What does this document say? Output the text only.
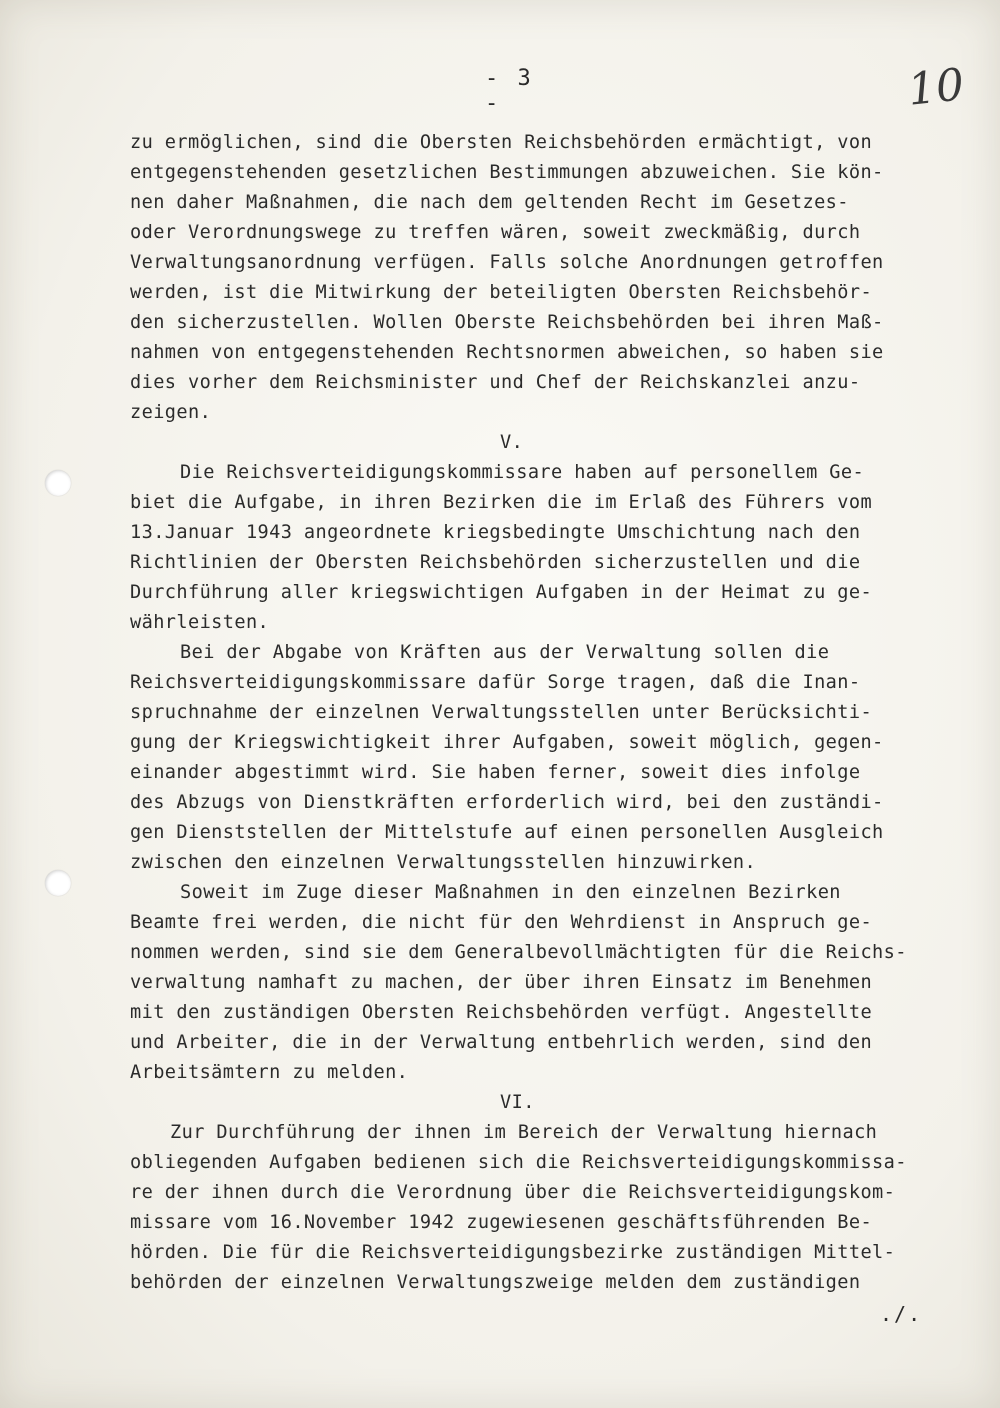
- 3 -	10
zu ermöglichen, sind die Obersten Reichsbehörden ermächtigt, von
entgegenstehenden gesetzlichen Bestimmungen abzuweichen. Sie kön-
nen daher Maßnahmen, die nach dem geltenden Recht im Gesetzes-
oder Verordnungswege zu treffen wären, soweit zweckmäßig, durch
Verwaltungsanordnung verfügen. Falls solche Anordnungen getroffen
werden, ist die Mitwirkung der beteiligten Obersten Reichsbehör-
den sicherzustellen. Wollen Oberste Reichsbehörden bei ihren Maß-
nahmen von entgegenstehenden Rechtsnormen abweichen, so haben sie
dies vorher dem Reichsminister und Chef der Reichskanzlei anzu-
zeigen.
V.
Die Reichsverteidigungskommissare haben auf personellem Ge-
biet die Aufgabe, in ihren Bezirken die im Erlaß des Führers vom
13.Januar 1943 angeordnete kriegsbedingte Umschichtung nach den
Richtlinien der Obersten Reichsbehörden sicherzustellen und die
Durchführung aller kriegswichtigen Aufgaben in der Heimat zu ge-
währleisten.
Bei der Abgabe von Kräften aus der Verwaltung sollen die
Reichsverteidigungskommissare dafür Sorge tragen, daß die Inan-
spruchnahme der einzelnen Verwaltungsstellen unter Berücksichti-
gung der Kriegswichtigkeit ihrer Aufgaben, soweit möglich, gegen-
einander abgestimmt wird. Sie haben ferner, soweit dies infolge
des Abzugs von Dienstkräften erforderlich wird, bei den zuständi-
gen Dienststellen der Mittelstufe auf einen personellen Ausgleich
zwischen den einzelnen Verwaltungsstellen hinzuwirken.
Soweit im Zuge dieser Maßnahmen in den einzelnen Bezirken
Beamte frei werden, die nicht für den Wehrdienst in Anspruch ge-
nommen werden, sind sie dem Generalbevollmächtigten für die Reichs-
verwaltung namhaft zu machen, der über ihren Einsatz im Benehmen
mit den zuständigen Obersten Reichsbehörden verfügt. Angestellte
und Arbeiter, die in der Verwaltung entbehrlich werden, sind den
Arbeitsämtern zu melden.
VI.
Zur Durchführung der ihnen im Bereich der Verwaltung hiernach
obliegenden Aufgaben bedienen sich die Reichsverteidigungskommissa-
re der ihnen durch die Verordnung über die Reichsverteidigungskom-
missare vom 16.November 1942 zugewiesenen geschäftsführenden Be-
hörden. Die für die Reichsverteidigungsbezirke zuständigen Mittel-
behörden der einzelnen Verwaltungszweige melden dem zuständigen
./.
